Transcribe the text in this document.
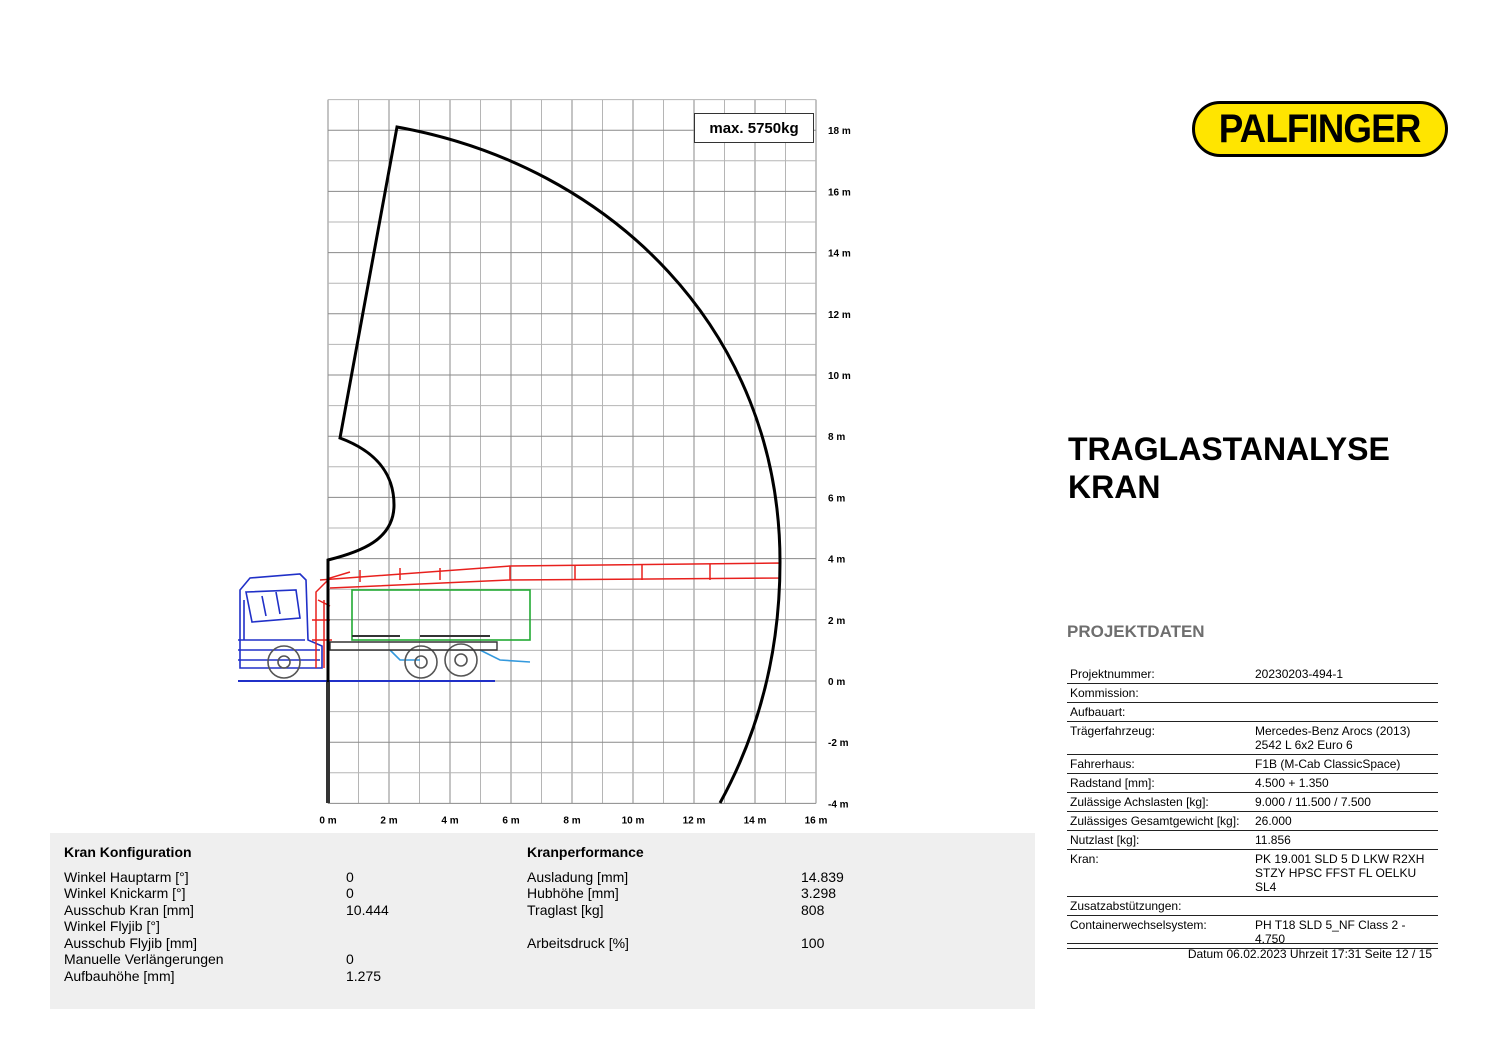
0 m	2 m	4 m	6 m	8 m	10 m	12 m	14 m	16 m
18 m
16 m
14 m
12 m
10 m
8 m
6 m
4 m
2 m
0 m
-2 m
-4 m
max. 5750kg	PALFINGER
TRAGLASTANALYSE
KRAN
PROJEKTDATEN
Projektnummer:	20230203-494-1
Kommission:	
Aufbauart:	
Trägerfahrzeug:	Mercedes-Benz Arocs (2013) 2542 L 6x2 Euro 6
Fahrerhaus:	F1B (M-Cab ClassicSpace)
Radstand [mm]:	4.500 + 1.350
Zulässige Achslasten [kg]:	9.000 / 11.500 / 7.500
Zulässiges Gesamtgewicht [kg]:	26.000
Nutzlast [kg]:	11.856
Kran:	PK 19.001 SLD 5 D LKW R2XH STZY HPSC FFST FL OELKU SL4
Zusatzabstützungen:	
Containerwechselsystem:	PH T18 SLD 5_NF Class 2 - 4.750
Datum 06.02.2023 Uhrzeit 17:31 Seite 12 / 15
Kran Konfiguration	Kranperformance
Winkel Hauptarm [°]	0
Winkel Knickarm [°]	0
Ausschub Kran [mm]	10.444
Winkel Flyjib [°]
Ausschub Flyjib [mm]
Manuelle Verlängerungen	0
Aufbauhöhe [mm]	1.275
Ausladung [mm]	14.839
Hubhöhe [mm]	3.298
Traglast [kg]	808
Arbeitsdruck [%]	100
